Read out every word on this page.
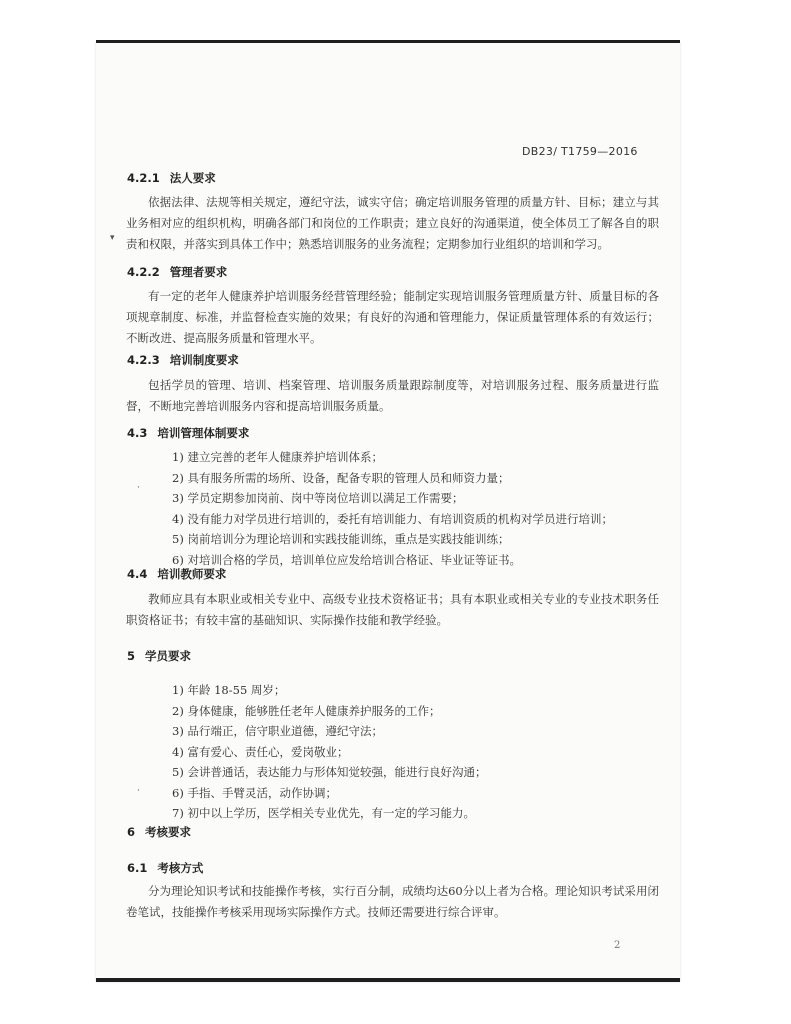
DB23/ T1759—2016
4.2.1 法人要求
依据法律、法规等相关规定，遵纪守法，诚实守信；确定培训服务管理的质量方针、目标；建立与其业务相对应的组织机构，明确各部门和岗位的工作职责；建立良好的沟通渠道，使全体员工了解各自的职责和权限，并落实到具体工作中；熟悉培训服务的业务流程；定期参加行业组织的培训和学习。
4.2.2 管理者要求
有一定的老年人健康养护培训服务经营管理经验；能制定实现培训服务管理质量方针、质量目标的各项规章制度、标准，并监督检查实施的效果；有良好的沟通和管理能力，保证质量管理体系的有效运行；不断改进、提高服务质量和管理水平。
4.2.3 培训制度要求
包括学员的管理、培训、档案管理、培训服务质量跟踪制度等，对培训服务过程、服务质量进行监督，不断地完善培训服务内容和提高培训服务质量。
4.3 培训管理体制要求
1) 建立完善的老年人健康养护培训体系；
2) 具有服务所需的场所、设备，配备专职的管理人员和师资力量；
3) 学员定期参加岗前、岗中等岗位培训以满足工作需要；
4) 没有能力对学员进行培训的，委托有培训能力、有培训资质的机构对学员进行培训；
5) 岗前培训分为理论培训和实践技能训练，重点是实践技能训练；
6) 对培训合格的学员，培训单位应发给培训合格证、毕业证等证书。
4.4 培训教师要求
教师应具有本职业或相关专业中、高级专业技术资格证书；具有本职业或相关专业的专业技术职务任职资格证书；有较丰富的基础知识、实际操作技能和教学经验。
5 学员要求
1) 年龄 18-55 周岁；
2) 身体健康，能够胜任老年人健康养护服务的工作；
3) 品行端正，信守职业道德，遵纪守法；
4) 富有爱心、责任心，爱岗敬业；
5) 会讲普通话，表达能力与形体知觉较强，能进行良好沟通；
6) 手指、手臂灵活，动作协调；
7) 初中以上学历，医学相关专业优先，有一定的学习能力。
6 考核要求
6.1 考核方式
分为理论知识考试和技能操作考核，实行百分制，成绩均达60分以上者为合格。理论知识考试采用闭卷笔试，技能操作考核采用现场实际操作方式。技师还需要进行综合评审。
2
▾
·
·
